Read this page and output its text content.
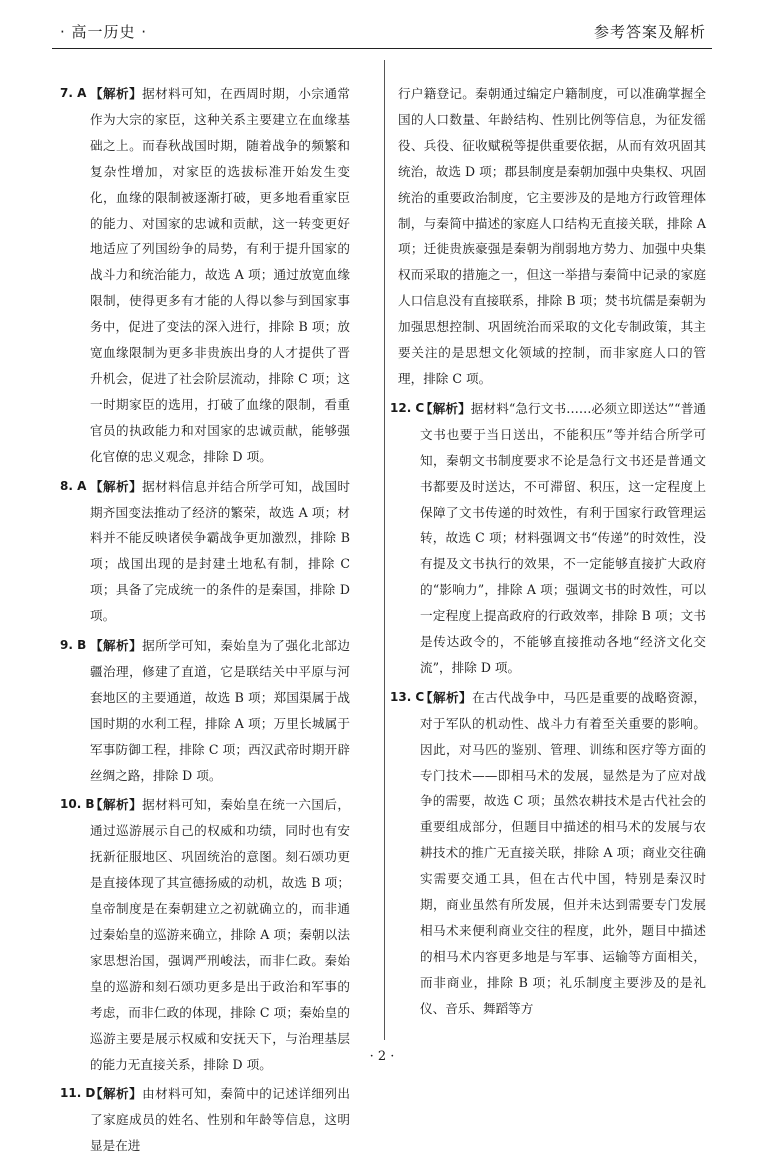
· 高一历史 ·	参考答案及解析
7. A 【解析】据材料可知，在西周时期，小宗通常作为大宗的家臣，这种关系主要建立在血缘基础之上。而春秋战国时期，随着战争的频繁和复杂性增加，对家臣的选拔标准开始发生变化，血缘的限制被逐渐打破，更多地看重家臣的能力、对国家的忠诚和贡献，这一转变更好地适应了列国纷争的局势，有利于提升国家的战斗力和统治能力，故选 A 项；通过放宽血缘限制，使得更多有才能的人得以参与到国家事务中，促进了变法的深入进行，排除 B 项；放宽血缘限制为更多非贵族出身的人才提供了晋升机会，促进了社会阶层流动，排除 C 项；这一时期家臣的选用，打破了血缘的限制，看重官员的执政能力和对国家的忠诚贡献，能够强化官僚的忠义观念，排除 D 项。
8. A 【解析】据材料信息并结合所学可知，战国时期齐国变法推动了经济的繁荣，故选 A 项；材料并不能反映诸侯争霸战争更加激烈，排除 B 项；战国出现的是封建土地私有制，排除 C 项；具备了完成统一的条件的是秦国，排除 D 项。
9. B 【解析】据所学可知，秦始皇为了强化北部边疆治理，修建了直道，它是联结关中平原与河套地区的主要通道，故选 B 项；郑国渠属于战国时期的水利工程，排除 A 项；万里长城属于军事防御工程，排除 C 项；西汉武帝时期开辟丝绸之路，排除 D 项。
10. B
【解析】据材料可知，秦始皇在统一六国后，通过巡游展示自己的权威和功绩，同时也有安抚新征服地区、巩固统治的意图。刻石颂功更是直接体现了其宣德扬威的动机，故选 B 项；皇帝制度是在秦朝建立之初就确立的，而非通过秦始皇的巡游来确立，排除 A 项；秦朝以法家思想治国，强调严刑峻法，而非仁政。秦始皇的巡游和刻石颂功更多是出于政治和军事的考虑，而非仁政的体现，排除 C 项；秦始皇的巡游主要是展示权威和安抚天下，与治理基层的能力无直接关系，排除 D 项。
11. D
【解析】由材料可知，秦简中的记述详细列出了家庭成员的姓名、性别和年龄等信息，这明显是在进
行户籍登记。秦朝通过编定户籍制度，可以准确掌握全国的人口数量、年龄结构、性别比例等信息，为征发徭役、兵役、征收赋税等提供重要依据，从而有效巩固其统治，故选 D 项；郡县制度是秦朝加强中央集权、巩固统治的重要政治制度，它主要涉及的是地方行政管理体制，与秦简中描述的家庭人口结构无直接关联，排除 A 项；迁徙贵族豪强是秦朝为削弱地方势力、加强中央集权而采取的措施之一，但这一举措与秦简中记录的家庭人口信息没有直接联系，排除 B 项；焚书坑儒是秦朝为加强思想控制、巩固统治而采取的文化专制政策，其主要关注的是思想文化领域的控制，而非家庭人口的管理，排除 C 项。
12. C
【解析】据材料“急行文书……必须立即送达”“普通文书也要于当日送出，不能积压”等并结合所学可知，秦朝文书制度要求不论是急行文书还是普通文书都要及时送达，不可滞留、积压，这一定程度上保障了文书传递的时效性，有利于国家行政管理运转，故选 C 项；材料强调文书“传递”的时效性，没有提及文书执行的效果，不一定能够直接扩大政府的“影响力”，排除 A 项；强调文书的时效性，可以一定程度上提高政府的行政效率，排除 B 项；文书是传达政令的，不能够直接推动各地“经济文化交流”，排除 D 项。
13. C
【解析】在古代战争中，马匹是重要的战略资源，对于军队的机动性、战斗力有着至关重要的影响。因此，对马匹的鉴别、管理、训练和医疗等方面的专门技术——即相马术的发展，显然是为了应对战争的需要，故选 C 项；虽然农耕技术是古代社会的重要组成部分，但题目中描述的相马术的发展与农耕技术的推广无直接关联，排除 A 项；商业交往确实需要交通工具，但在古代中国，特别是秦汉时期，商业虽然有所发展，但并未达到需要专门发展相马术来便利商业交往的程度，此外，题目中描述的相马术内容更多地是与军事、运输等方面相关，而非商业，排除 B 项；礼乐制度主要涉及的是礼仪、音乐、舞蹈等方
· 2 ·
